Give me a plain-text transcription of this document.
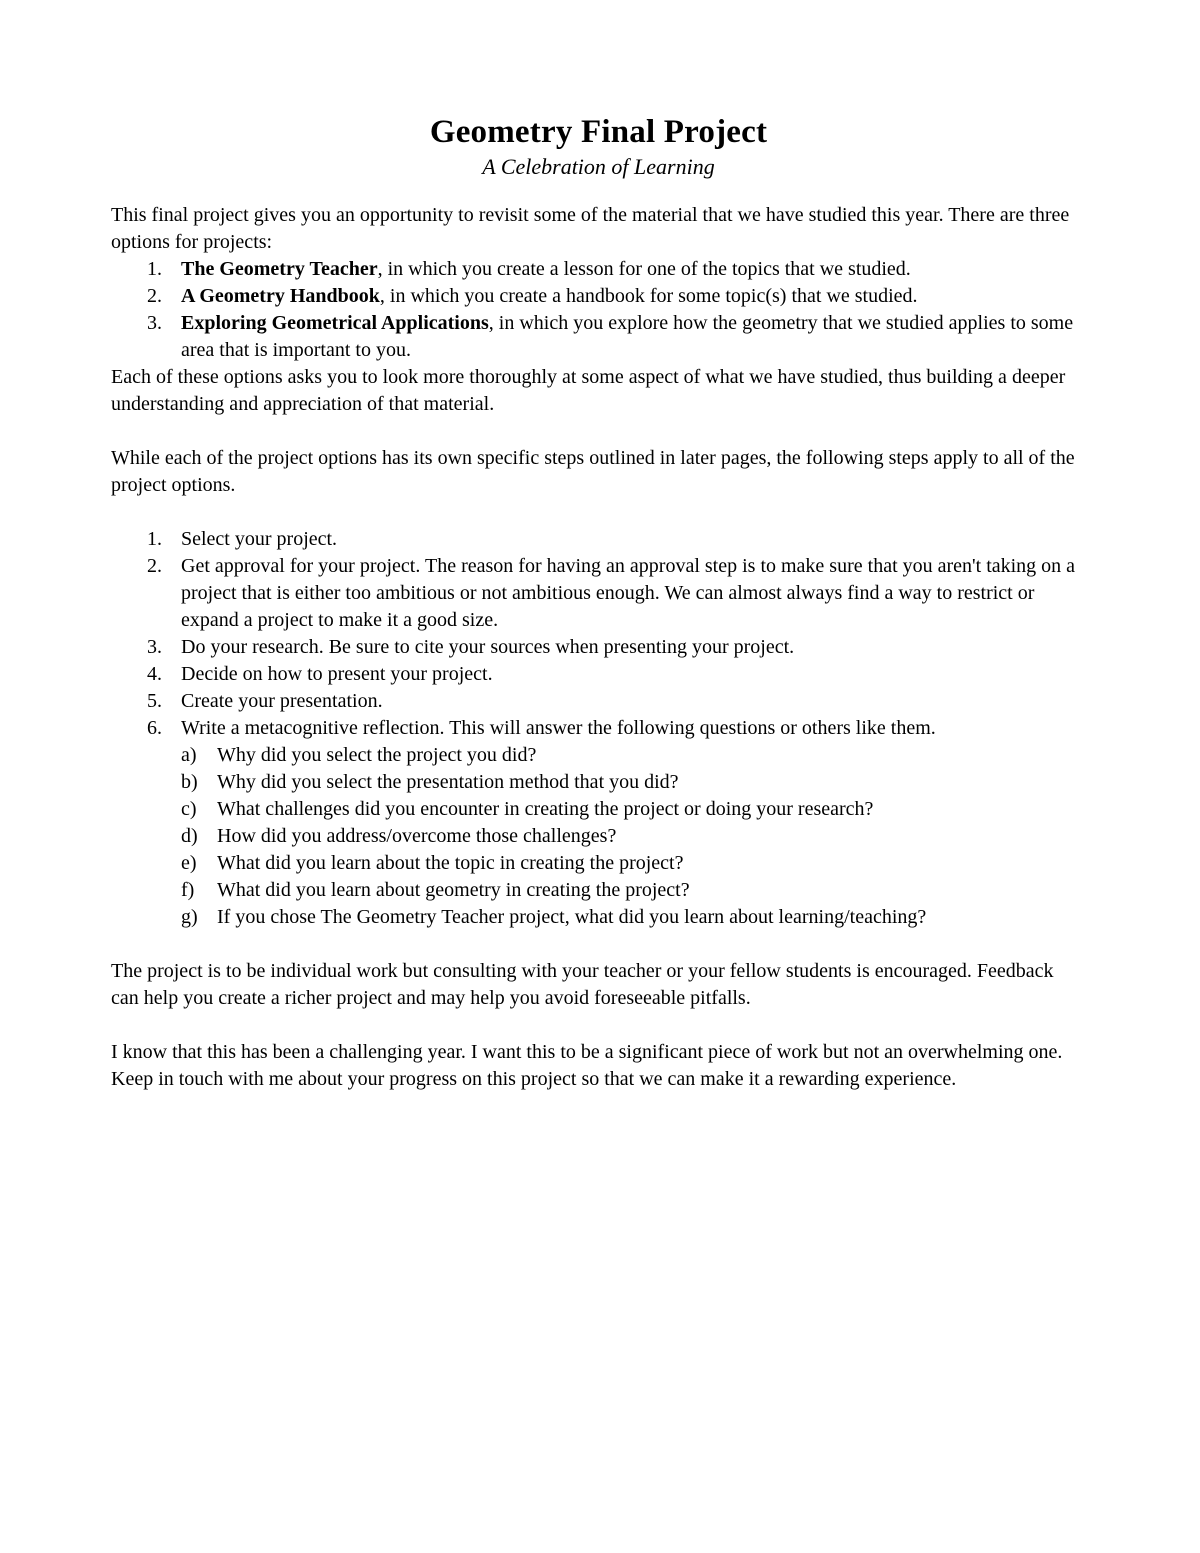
Geometry Final Project
A Celebration of Learning

This final project gives you an opportunity to revisit some of the material that we have studied this year. There are three options for projects:

1. The Geometry Teacher, in which you create a lesson for one of the topics that we studied.
2. A Geometry Handbook, in which you create a handbook for some topic(s) that we studied.
3. Exploring Geometrical Applications, in which you explore how the geometry that we studied applies to some area that is important to you.

Each of these options asks you to look more thoroughly at some aspect of what we have studied, thus building a deeper understanding and appreciation of that material.

While each of the project options has its own specific steps outlined in later pages, the following steps apply to all of the project options.

1. Select your project.
2. Get approval for your project. The reason for having an approval step is to make sure that you aren't taking on a project that is either too ambitious or not ambitious enough. We can almost always find a way to restrict or expand a project to make it a good size.
3. Do your research. Be sure to cite your sources when presenting your project.
4. Decide on how to present your project.
5. Create your presentation.
6. Write a metacognitive reflection. This will answer the following questions or others like them.
a) Why did you select the project you did?
b) Why did you select the presentation method that you did?
c) What challenges did you encounter in creating the project or doing your research?
d) How did you address/overcome those challenges?
e) What did you learn about the topic in creating the project?
f) What did you learn about geometry in creating the project?
g) If you chose The Geometry Teacher project, what did you learn about learning/teaching?

The project is to be individual work but consulting with your teacher or your fellow students is encouraged. Feedback can help you create a richer project and may help you avoid foreseeable pitfalls.

I know that this has been a challenging year. I want this to be a significant piece of work but not an overwhelming one. Keep in touch with me about your progress on this project so that we can make it a rewarding experience.
